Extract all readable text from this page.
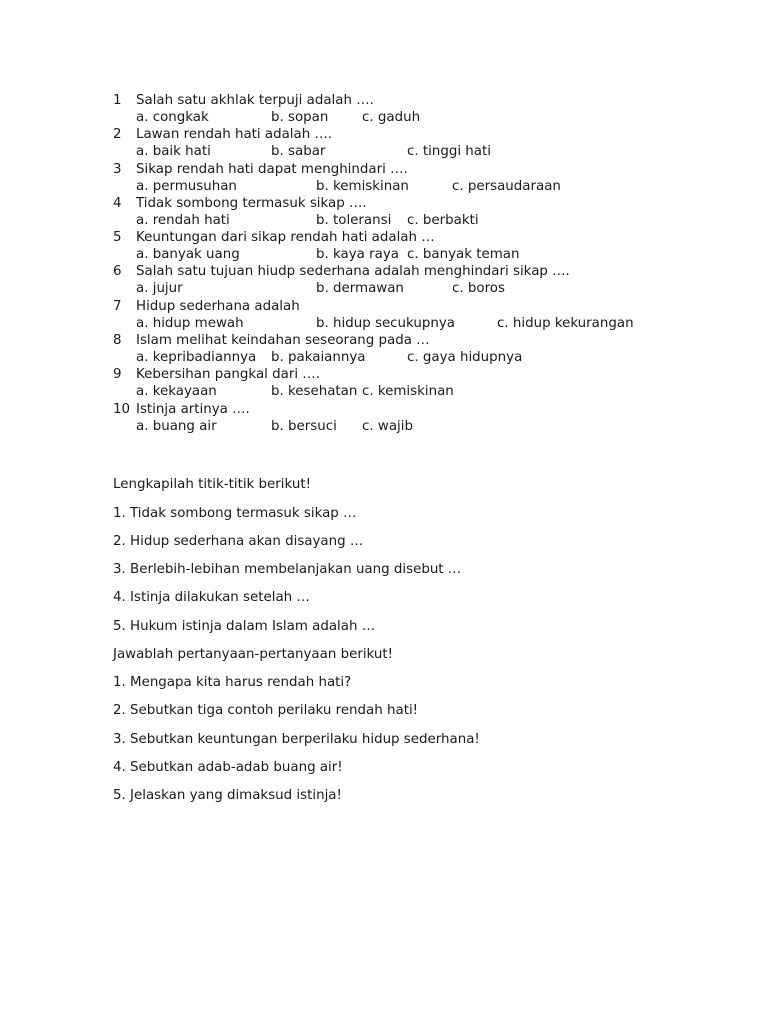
1 Salah satu akhlak terpuji adalah ….
a. congkak	b. sopan	c. gaduh
2 Lawan rendah hati adalah ….
a. baik hati	b. sabar	c. tinggi hati
3 Sikap rendah hati dapat menghindari ….
a. permusuhan	b. kemiskinan	c. persaudaraan
4 Tidak sombong termasuk sikap ….
a. rendah hati	b. toleransi c. berbakti
5 Keuntungan dari sikap rendah hati adalah …
a. banyak uang	b. kaya raya c. banyak teman
6 Salah satu tujuan hiudp sederhana adalah menghindari sikap ….
a. jujur	b. dermawan	c. boros
7 Hidup sederhana adalah
a. hidup mewah	b. hidup secukupnya	c. hidup kekurangan
8 Islam melihat keindahan seseorang pada …
a. kepribadiannya b. pakaiannya	c. gaya hidupnya
9 Kebersihan pangkal dari ….
a. kekayaan	b. kesehatan c. kemiskinan
10 Istinja artinya ….
a. buang air	b. bersuci c. wajib
Lengkapilah titik-titik berikut!
1. Tidak sombong termasuk sikap …
2. Hidup sederhana akan disayang …
3. Berlebih-lebihan membelanjakan uang disebut …
4. Istinja dilakukan setelah …
5. Hukum istinja dalam Islam adalah …
Jawablah pertanyaan-pertanyaan berikut!
1. Mengapa kita harus rendah hati?
2. Sebutkan tiga contoh perilaku rendah hati!
3. Sebutkan keuntungan berperilaku hidup sederhana!
4. Sebutkan adab-adab buang air!
5. Jelaskan yang dimaksud istinja!
